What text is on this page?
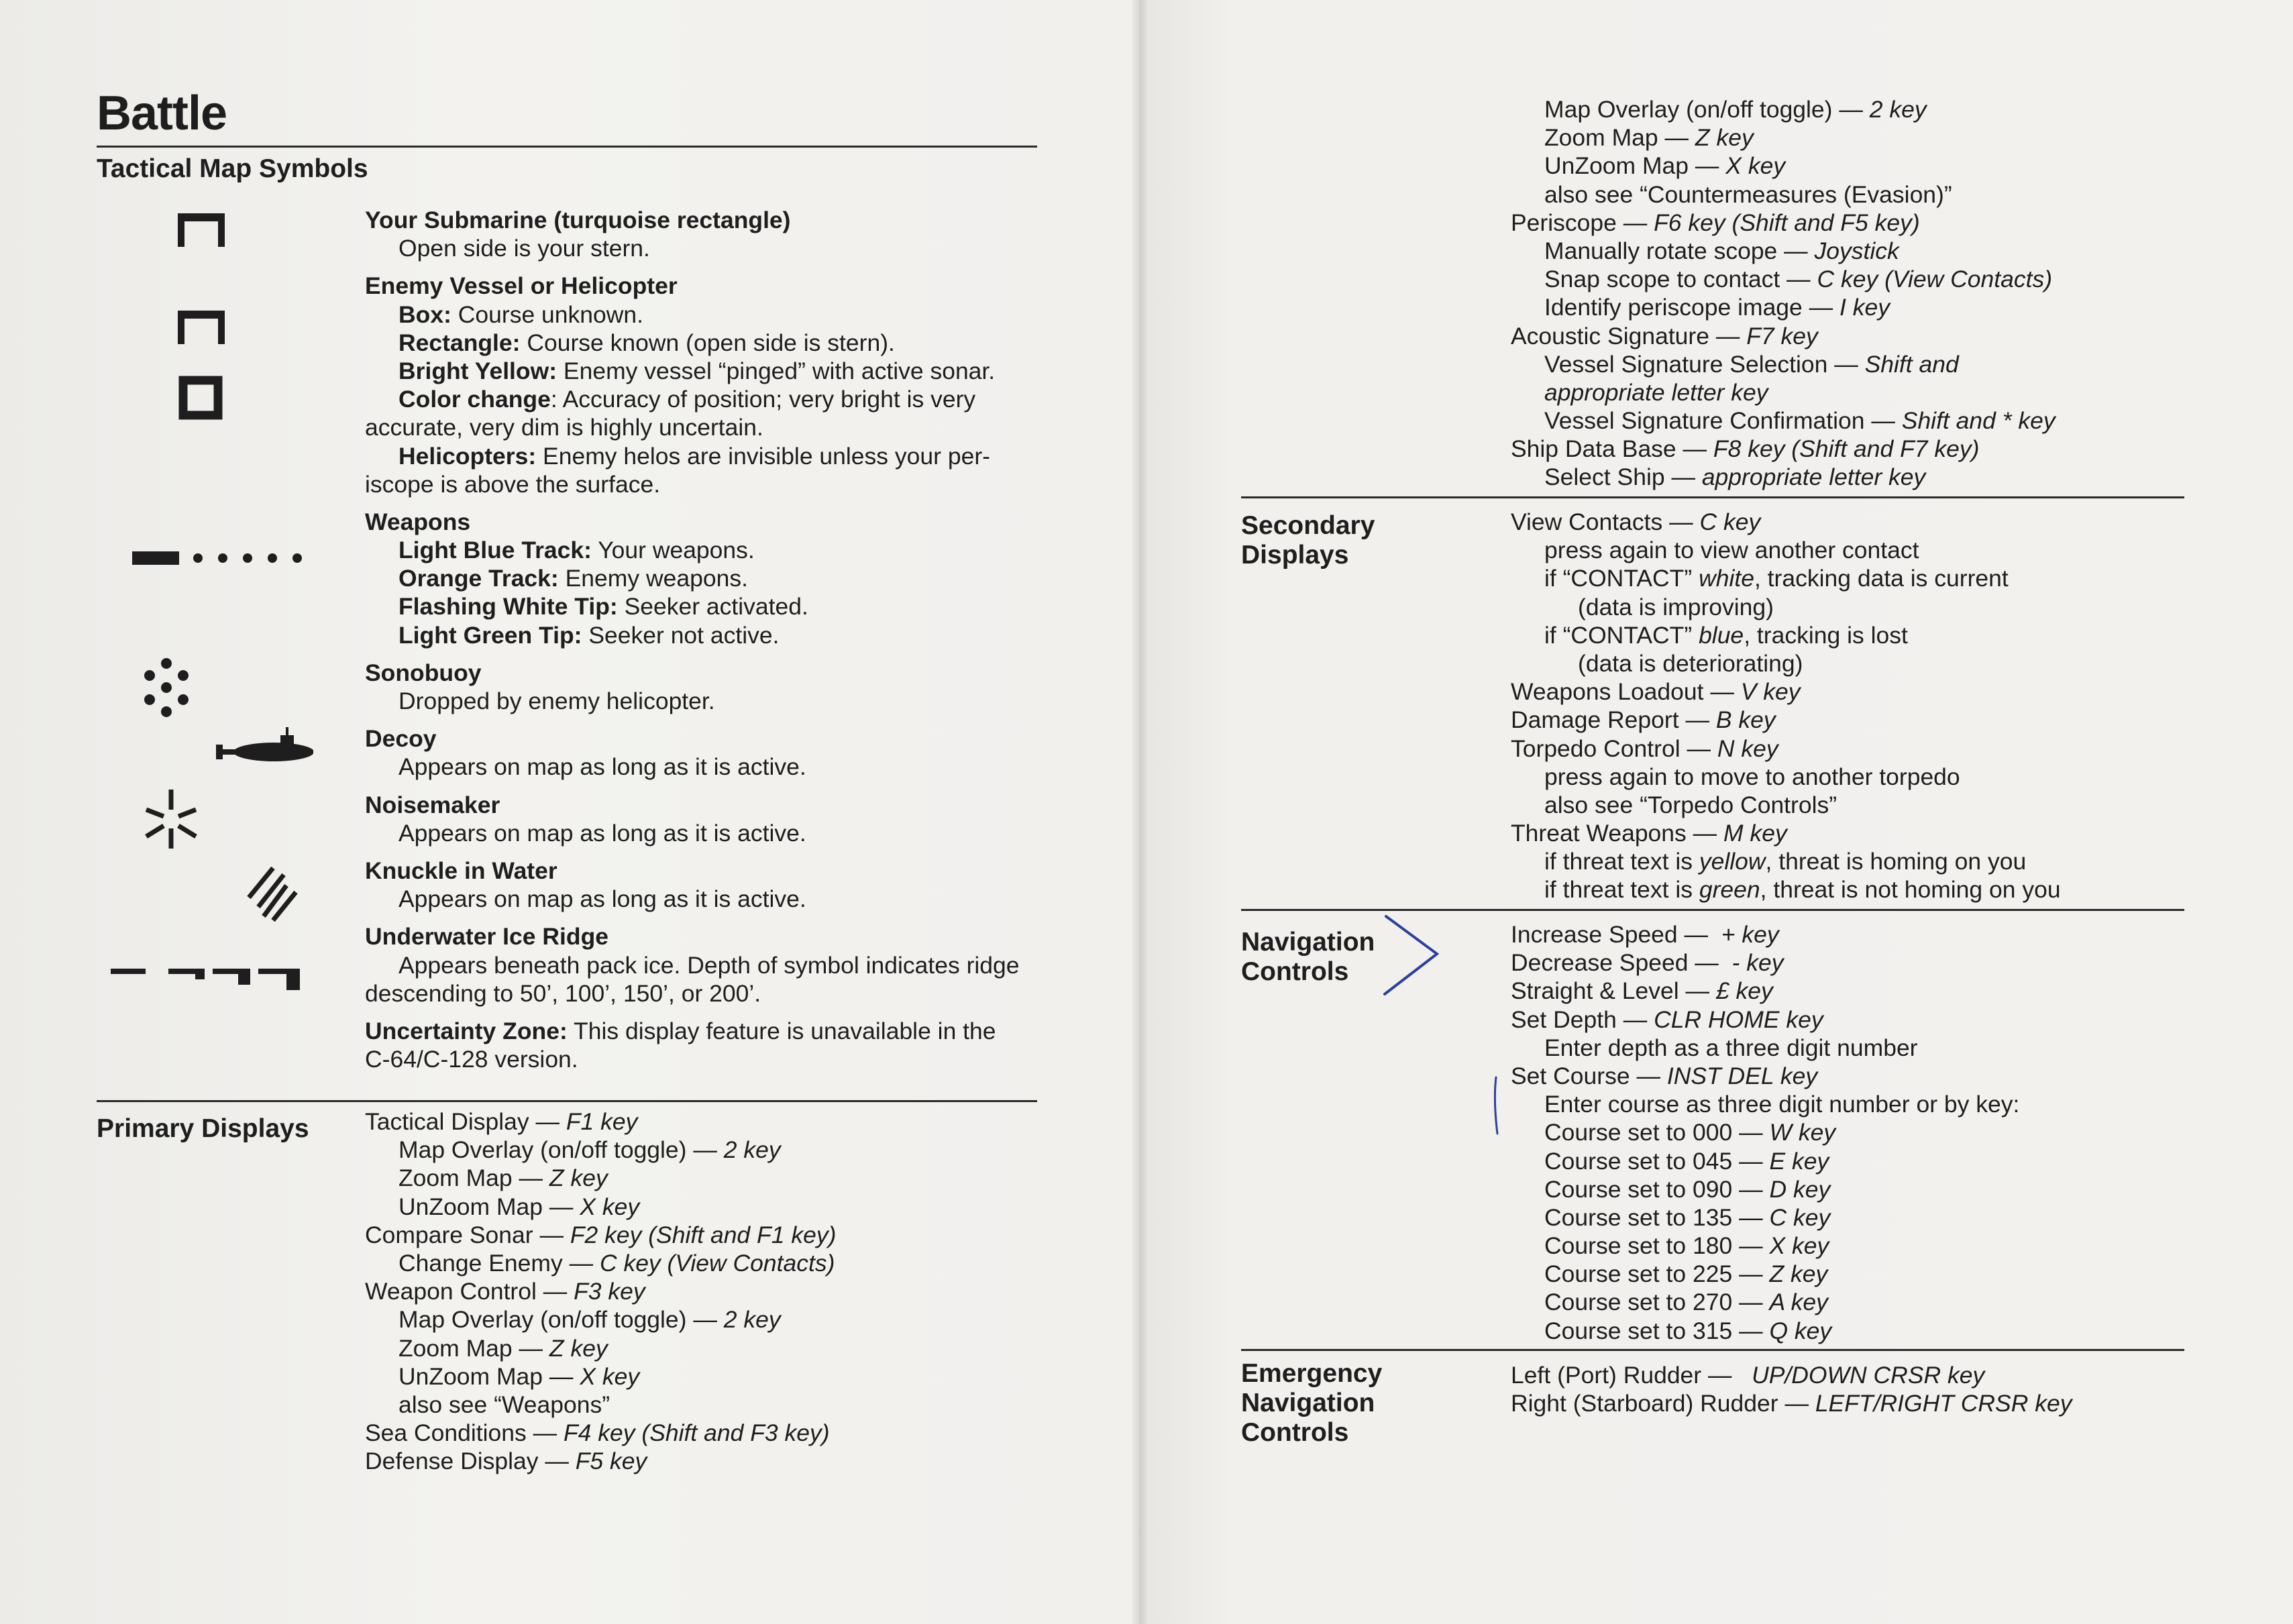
Battle
Tactical Map Symbols
Your Submarine (turquoise rectangle)
Open side is your stern.
Enemy Vessel or Helicopter
Box: Course unknown.
Rectangle: Course known (open side is stern).
Bright Yellow: Enemy vessel “pinged” with active sonar.
Color change: Accuracy of position; very bright is very
accurate, very dim is highly uncertain.
Helicopters: Enemy helos are invisible unless your per-
iscope is above the surface.
Weapons
Light Blue Track: Your weapons.
Orange Track: Enemy weapons.
Flashing White Tip: Seeker activated.
Light Green Tip: Seeker not active.
Sonobuoy
Dropped by enemy helicopter.
Decoy
Appears on map as long as it is active.
Noisemaker
Appears on map as long as it is active.
Knuckle in Water
Appears on map as long as it is active.
Underwater Ice Ridge
Appears beneath pack ice. Depth of symbol indicates ridge
descending to 50’, 100’, 150’, or 200’.
Uncertainty Zone: This display feature is unavailable in the
C-64/C-128 version.
Primary Displays Tactical Display — F1 key
Map Overlay (on/off toggle) — 2 key
Zoom Map — Z key
UnZoom Map — X key
Compare Sonar — F2 key (Shift and F1 key)
Change Enemy — C key (View Contacts)
Weapon Control — F3 key
Map Overlay (on/off toggle) — 2 key
Zoom Map — Z key
UnZoom Map — X key
also see “Weapons”
Sea Conditions — F4 key (Shift and F3 key)
Defense Display — F5 key
Map Overlay (on/off toggle) — 2 key
Zoom Map — Z key
UnZoom Map — X key
also see “Countermeasures (Evasion)”
Periscope — F6 key (Shift and F5 key)
Manually rotate scope — Joystick
Snap scope to contact — C key (View Contacts)
Identify periscope image — I key
Acoustic Signature — F7 key
Vessel Signature Selection — Shift and
appropriate letter key
Vessel Signature Confirmation — Shift and * key
Ship Data Base — F8 key (Shift and F7 key)
Select Ship — appropriate letter key
Secondary
Displays
View Contacts — C key
press again to view another contact
if “CONTACT” white, tracking data is current
(data is improving)
if “CONTACT” blue, tracking is lost
(data is deteriorating)
Weapons Loadout — V key
Damage Report — B key
Torpedo Control — N key
press again to move to another torpedo
also see “Torpedo Controls”
Threat Weapons — M key
if threat text is yellow, threat is homing on you
if threat text is green, threat is not homing on you
Navigation
Controls
Increase Speed —  + key
Decrease Speed —  - key
Straight & Level — £ key
Set Depth — CLR HOME key
Enter depth as a three digit number
Set Course — INST DEL key
Enter course as three digit number or by key:
Course set to 000 — W key
Course set to 045 — E key
Course set to 090 — D key
Course set to 135 — C key
Course set to 180 — X key
Course set to 225 — Z key
Course set to 270 — A key
Course set to 315 — Q key
Emergency
Navigation
Controls
Left (Port) Rudder —   UP/DOWN CRSR key
Right (Starboard) Rudder — LEFT/RIGHT CRSR key
